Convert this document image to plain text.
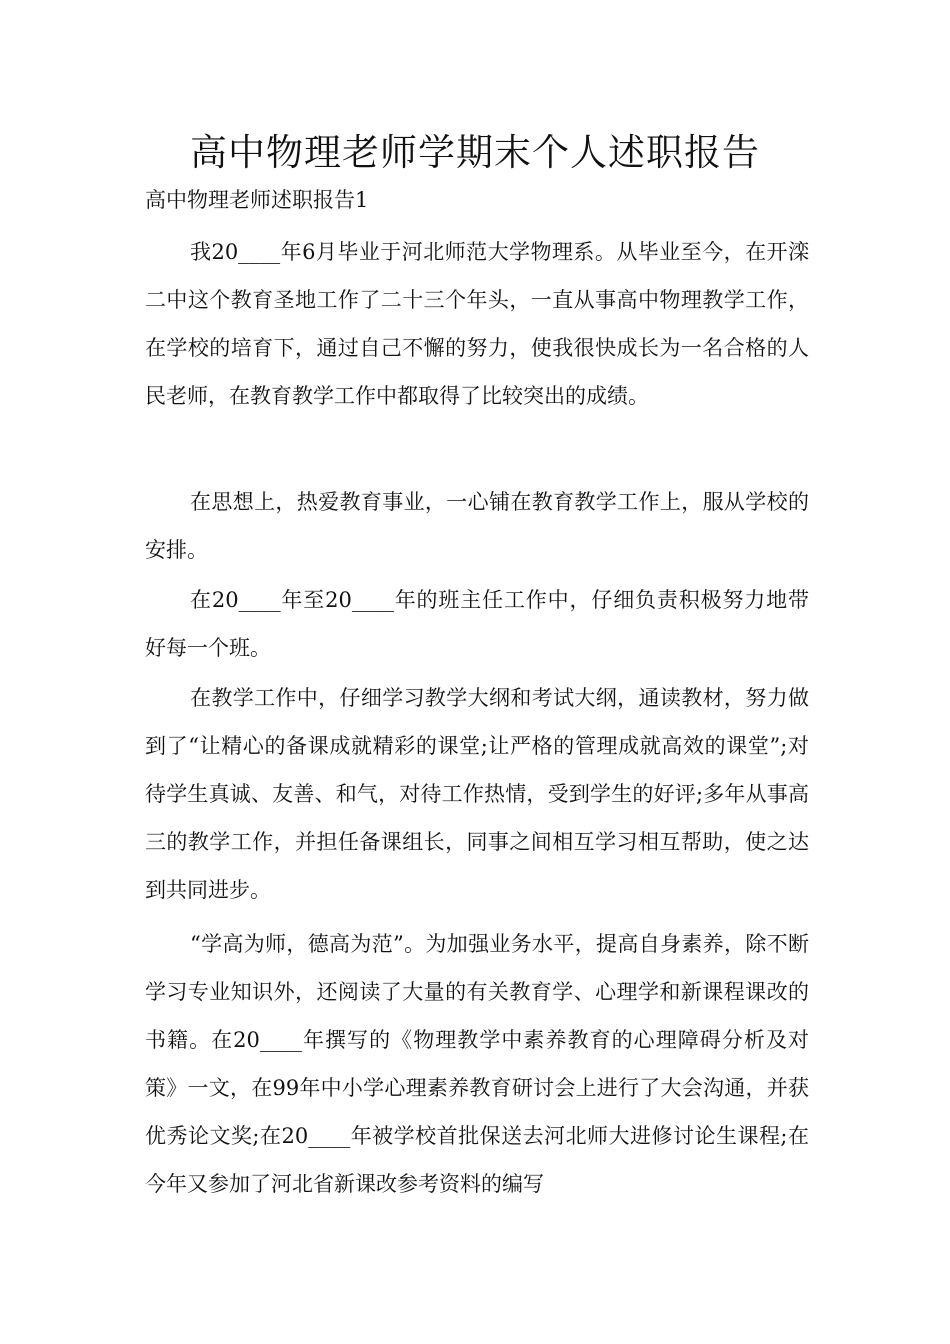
高中物理老师学期末个人述职报告
高中物理老师述职报告1

我20____年6月毕业于河北师范大学物理系。从毕业至今，在开滦二中这个教育圣地工作了二十三个年头，一直从事高中物理教学工作，在学校的培育下，通过自己不懈的努力，使我很快成长为一名合格的人民老师，在教育教学工作中都取得了比较突出的成绩。

在思想上，热爱教育事业，一心铺在教育教学工作上，服从学校的安排。

在20____年至20____年的班主任工作中，仔细负责积极努力地带好每一个班。

在教学工作中，仔细学习教学大纲和考试大纲，通读教材，努力做到了“让精心的备课成就精彩的课堂;让严格的管理成就高效的课堂”;对待学生真诚、友善、和气，对待工作热情，受到学生的好评;多年从事高三的教学工作，并担任备课组长，同事之间相互学习相互帮助，使之达到共同进步。

“学高为师，德高为范”。为加强业务水平，提高自身素养，除不断学习专业知识外，还阅读了大量的有关教育学、心理学和新课程课改的书籍。在20____年撰写的《物理教学中素养教育的心理障碍分析及对策》一文，在99年中小学心理素养教育研讨会上进行了大会沟通，并获优秀论文奖;在20____年被学校首批保送去河北师大进修讨论生课程;在今年又参加了河北省新课改参考资料的编写
